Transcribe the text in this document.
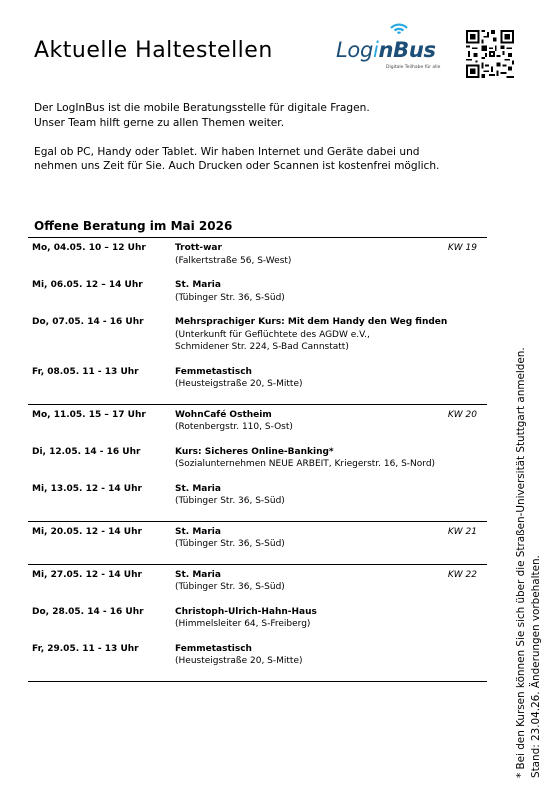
Aktuelle Haltestellen	LoginBus
Digitale Teilhabe für alle

Der LogInBus ist die mobile Beratungsstelle für digitale Fragen.
Unser Team hilft gerne zu allen Themen weiter.

Egal ob PC, Handy oder Tablet. Wir haben Internet und Geräte dabei und
nehmen uns Zeit für Sie. Auch Drucken oder Scannen ist kostenfrei möglich.

Offene Beratung im Mai 2026
Mo, 04.05. 10 – 12 Uhr	Trott-war
(Falkertstraße 56, S-West)
KW 19
Mi, 06.05. 12 – 14 Uhr	St. Maria
(Tübinger Str. 36, S-Süd)
Do, 07.05. 14 - 16 Uhr	Mehrsprachiger Kurs: Mit dem Handy den Weg finden
(Unterkunft für Geflüchtete des AGDW e.V.,
Schmidener Str. 224, S-Bad Cannstatt)
Fr, 08.05. 11 - 13 Uhr	Femmetastisch
(Heusteigstraße 20, S-Mitte)
Mo, 11.05. 15 – 17 Uhr	WohnCafé Ostheim
(Rotenbergstr. 110, S-Ost)
KW 20
Di, 12.05. 14 - 16 Uhr	Kurs: Sicheres Online-Banking*
(Sozialunternehmen NEUE ARBEIT, Kriegerstr. 16, S-Nord)
Mi, 13.05. 12 - 14 Uhr	St. Maria
(Tübinger Str. 36, S-Süd)
Mi, 20.05. 12 - 14 Uhr	St. Maria
(Tübinger Str. 36, S-Süd)
KW 21
Mi, 27.05. 12 - 14 Uhr	St. Maria
(Tübinger Str. 36, S-Süd)
KW 22
Do, 28.05. 14 - 16 Uhr	Christoph-Ulrich-Hahn-Haus
(Himmelsleiter 64, S-Freiberg)
Fr, 29.05. 11 - 13 Uhr	Femmetastisch
(Heusteigstraße 20, S-Mitte)	* Bei den Kursen können Sie sich über die Straßen-Universität Stuttgart anmelden. Stand: 23.04.26. Änderungen vorbehalten.
